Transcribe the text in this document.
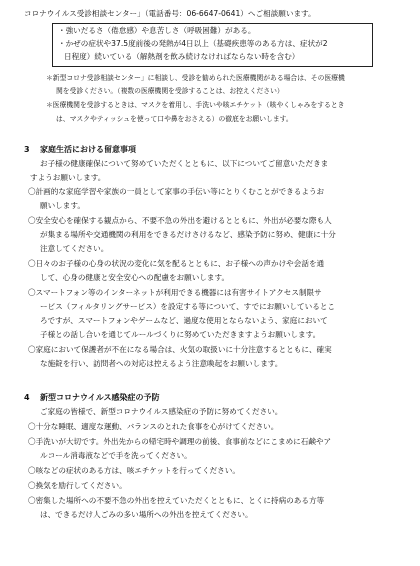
コロナウイルス受診相談センター」（電話番号：06-6647-0641）へご相談願います。
・強いだるさ（倦怠感）や息苦しさ（呼吸困難）がある。
・かぜの症状や37.5度前後の発熱が4日以上（基礎疾患等のある方は、症状が2
日程度）続いている（解熱剤を飲み続けなければならない時を含む）
＊新型コロナ受診相談センター」に相談し、受診を勧められた医療機関がある場合は、その医療機
関を受診ください。（複数の医療機関を受診することは、お控えください）
＊医療機関を受診するときは、マスクを着用し、手洗いや咳エチケット（咳やくしゃみをするとき
は、マスクやティッシュを使って口や鼻をおさえる）の徹底をお願いします。
3 家庭生活における留意事項
お子様の健康確保について努めていただくとともに、以下についてご留意いただきま
すようお願いします。
〇計画的な家庭学習や家族の一員として家事の手伝い等にとりくむことができるようお
願いします。
〇安全安心を確保する観点から、不要不急の外出を避けるとともに、外出が必要な際も人
が集まる場所や交通機関の利用をできるだけさけるなど、感染予防に努め、健康に十分
注意してください。
〇日々のお子様の心身の状況の変化に気を配るとともに、お子様への声かけや会話を通
して、心身の健康と安全安心への配慮をお願いします。
〇スマートフォン等のインターネットが利用できる機器には有害サイトアクセス制限サ
ービス（フィルタリングサービス）を設定する等について、すでにお願いしているとこ
ろですが、スマートフォンやゲームなど、過度な使用とならないよう、家庭において
子様との話し合いを通じてルールづくりに努めていただきますようお願いします。
〇家庭において保護者が不在になる場合は、火気の取扱いに十分注意するとともに、確実
な施錠を行い、訪問者への対応は控えるよう注意喚起をお願いします。
4 新型コロナウイルス感染症の予防
ご家庭の皆様で、新型コロナウイルス感染症の予防に努めてください。
〇十分な睡眠、適度な運動、バランスのとれた食事を心がけてください。
〇手洗いが大切です。外出先からの帰宅時や調理の前後、食事前などにこまめに石鹸やア
ルコール消毒液などで手を洗ってください。
〇咳などの症状のある方は、咳エチケットを行ってください。
〇換気を励行してください。
〇密集した場所への不要不急の外出を控えていただくとともに、とくに持病のある方等
は、できるだけ人ごみの多い場所への外出を控えてください。
